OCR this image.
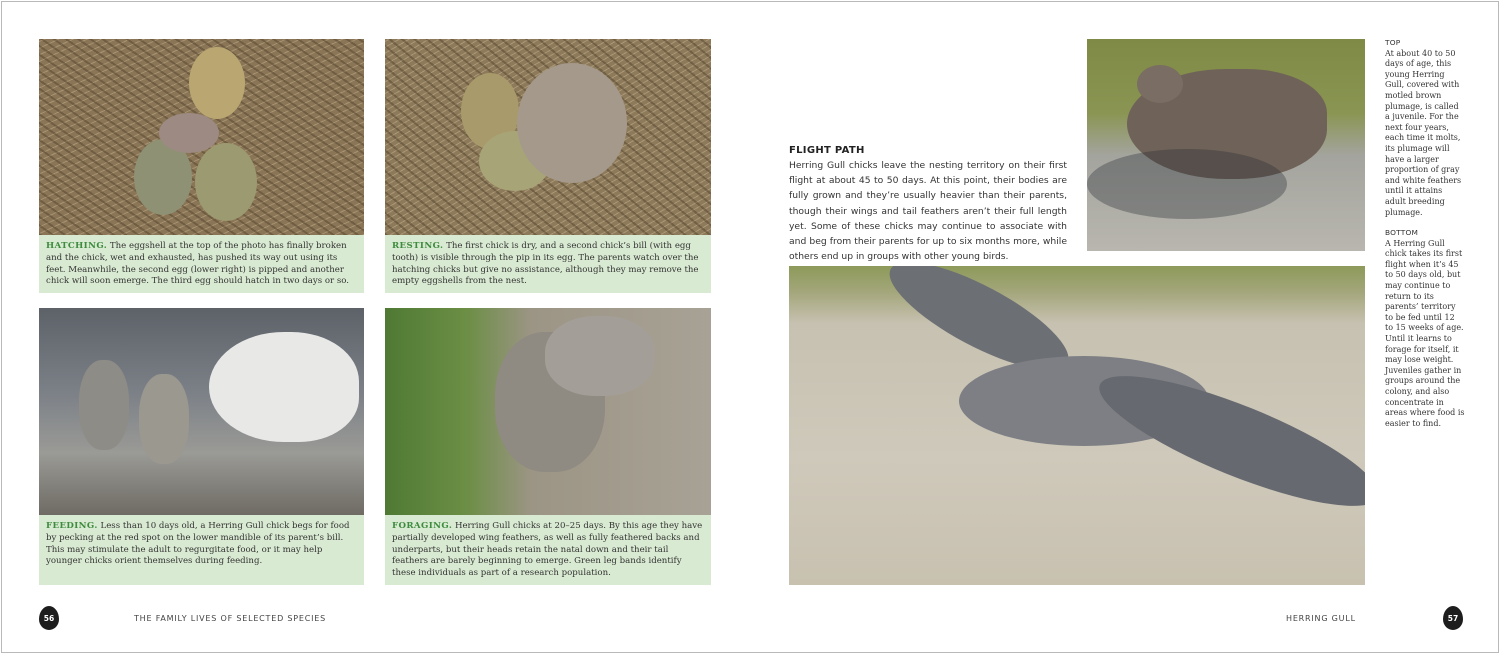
HATCHING. The eggshell at the top of the photo has finally broken and the chick, wet and exhausted, has pushed its way out using its feet. Meanwhile, the second egg (lower right) is pipped and another chick will soon emerge. The third egg should hatch in two days or so.
RESTING. The first chick is dry, and a second chick’s bill (with egg tooth) is visible through the pip in its egg. The parents watch over the hatching chicks but give no assistance, although they may remove the empty eggshells from the nest.
FEEDING. Less than 10 days old, a Herring Gull chick begs for food by pecking at the red spot on the lower mandible of its parent’s bill. This may stimulate the adult to regurgitate food, or it may help younger chicks orient themselves during feeding.
FORAGING. Herring Gull chicks at 20–25 days. By this age they have partially developed wing feathers, as well as fully feathered backs and underparts, but their heads retain the natal down and their tail feathers are barely beginning to emerge. Green leg bands identify these individuals as part of a research population.
FLIGHT PATH
Herring Gull chicks leave the nesting territory on their first flight at about 45 to 50 days. At this point, their bodies are fully grown and they’re usually heavier than their parents, though their wings and tail feathers aren’t their full length yet. Some of these chicks may continue to associate with and beg from their parents for up to six months more, while others end up in groups with other young birds.
TOP
At about 40 to 50 days of age, this young Herring Gull, covered with motled brown plumage, is called a juvenile. For the next four years, each time it molts, its plumage will have a larger proportion of gray and white feathers until it attains adult breeding plumage.
BOTTOM
A Herring Gull chick takes its first flight when it’s 45 to 50 days old, but may continue to return to its parents’ territory to be fed until 12 to 15 weeks of age. Until it learns to forage for itself, it may lose weight. Juveniles gather in groups around the colony, and also concentrate in areas where food is easier to find.
56	THE FAMILY LIVES OF SELECTED SPECIES	HERRING GULL	57
